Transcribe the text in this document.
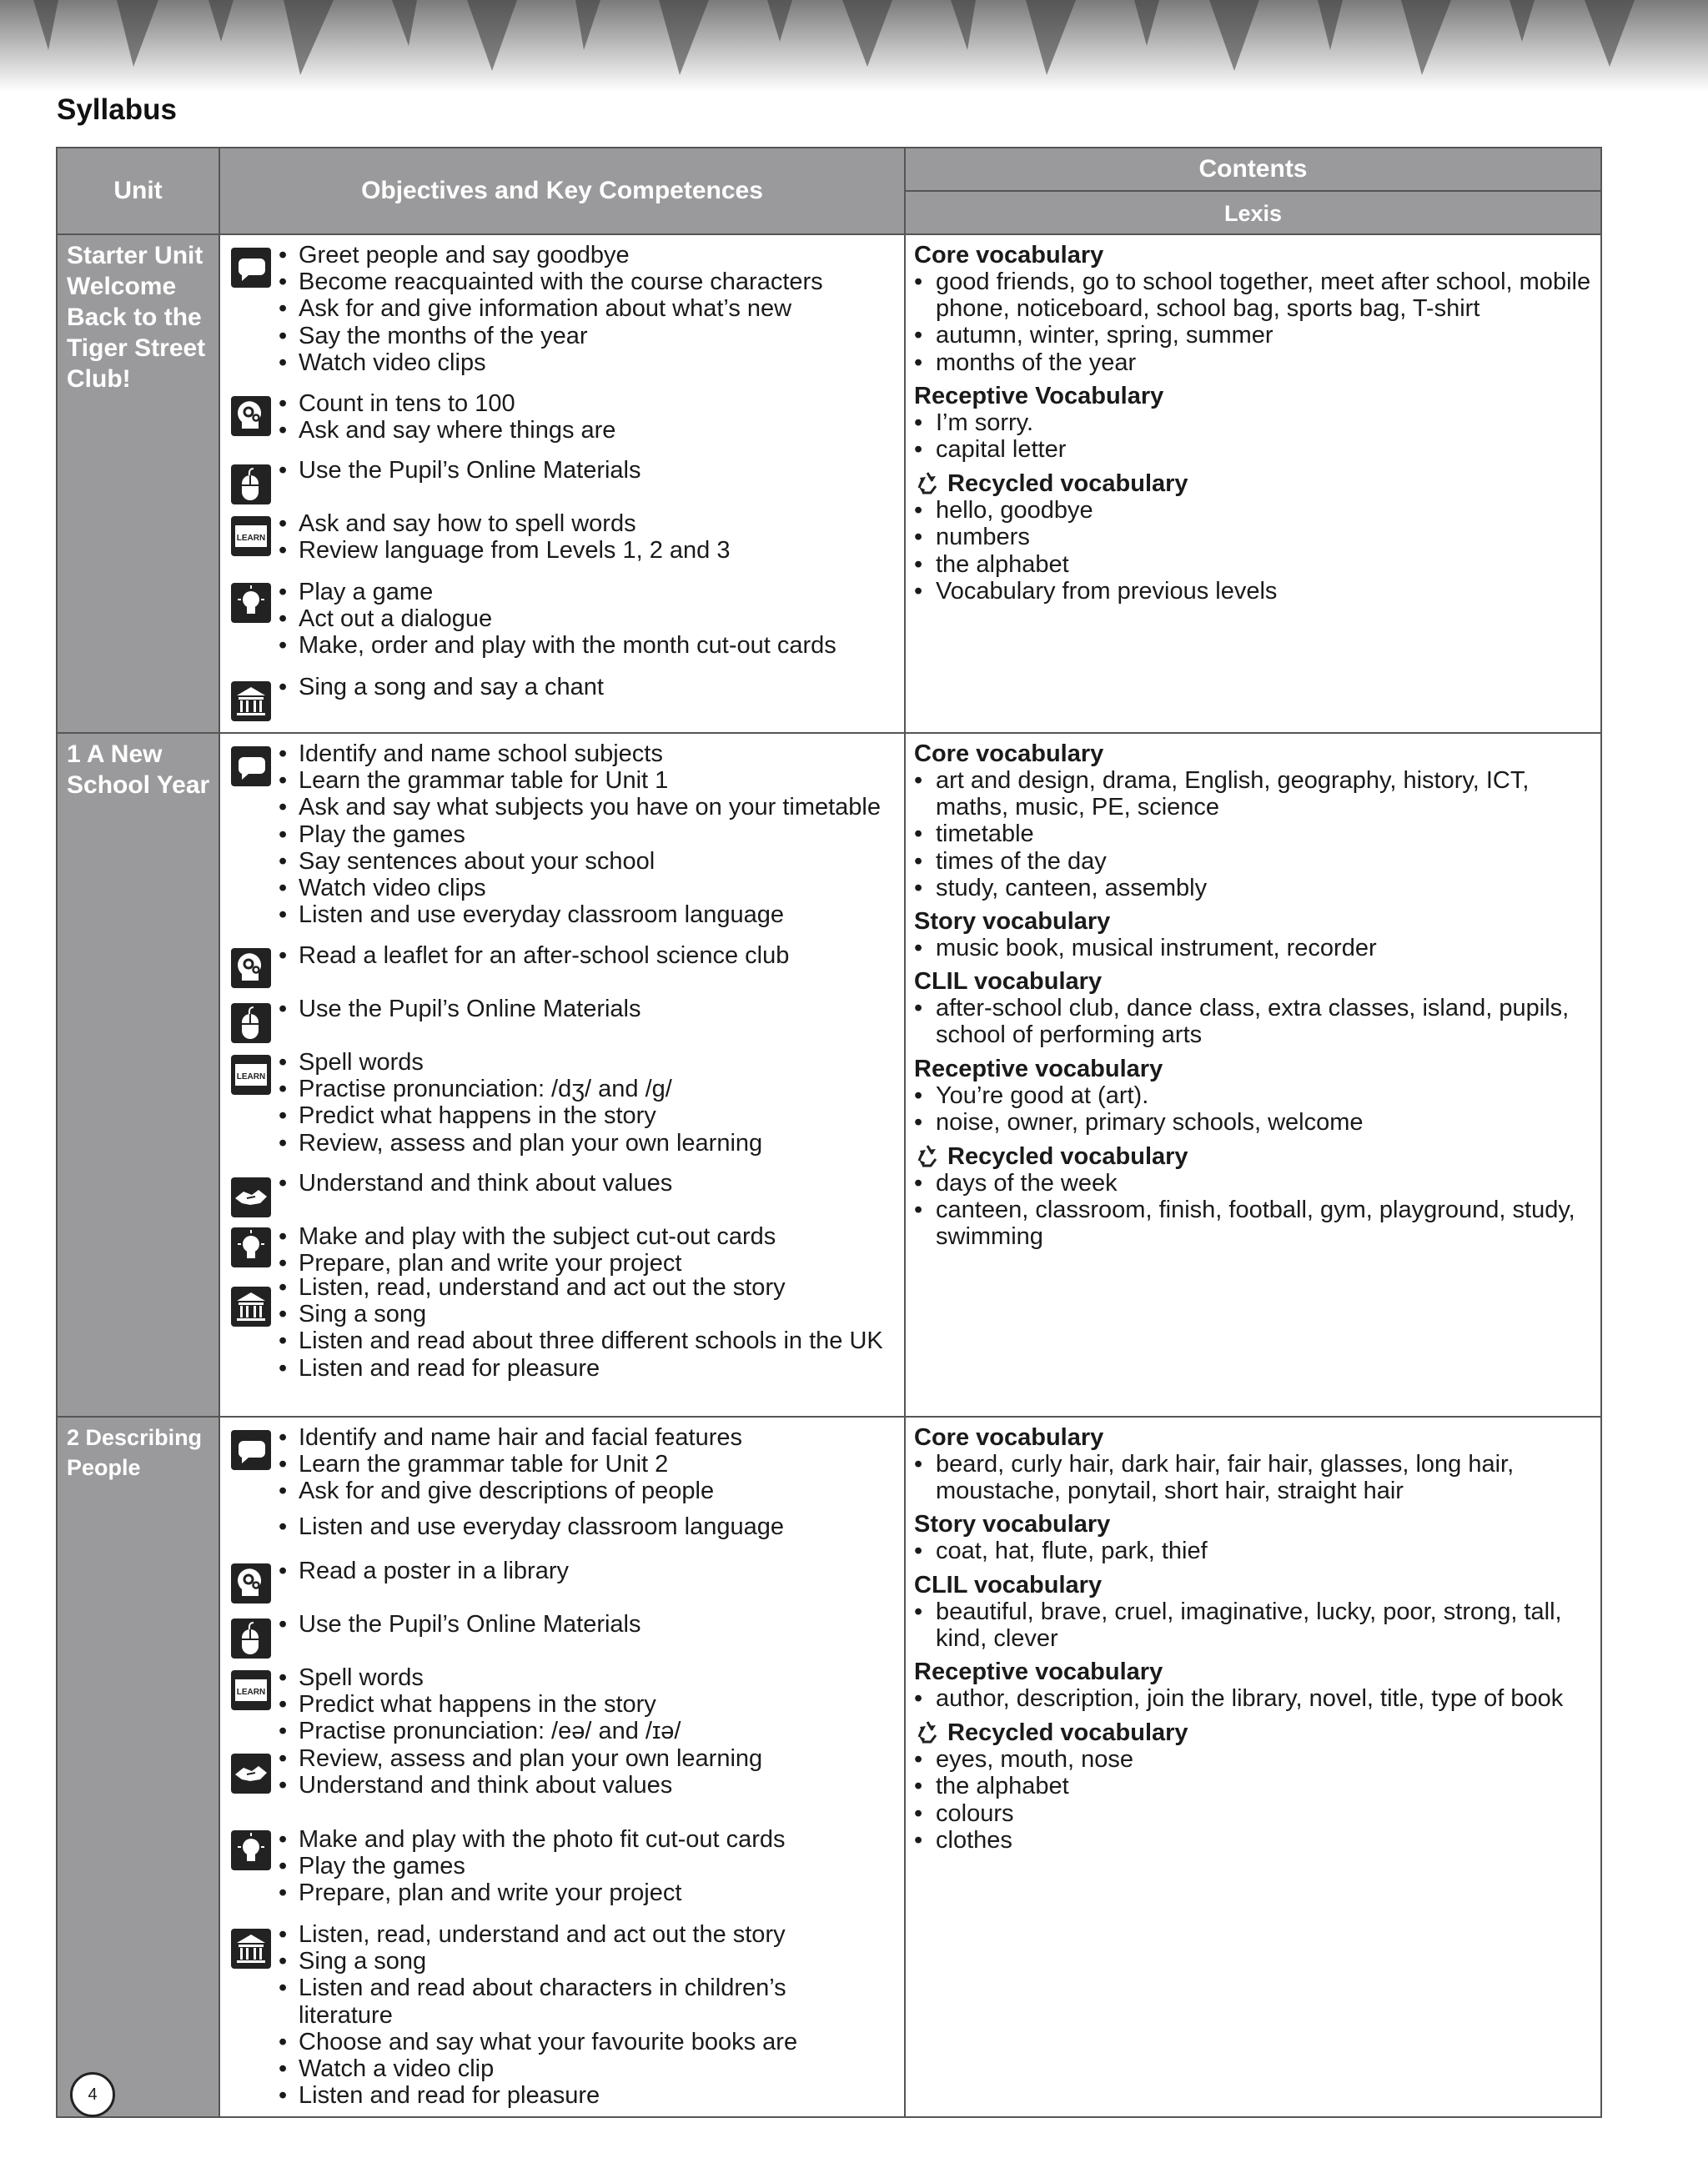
Syllabus
Unit	Objectives and Key Competences
Contents
Lexis
Starter Unit Welcome Back to the Tiger Street Club!
1 A New School Year
2 Describing People
• Greet people and say goodbye
• Become reacquainted with the course characters
• Ask for and give information about what’s new
• Say the months of the year
• Watch video clips
• Count in tens to 100
• Ask and say where things are
• Use the Pupil’s Online Materials
LEARN
• Ask and say how to spell words
• Review language from Levels 1, 2 and 3
• Play a game
• Act out a dialogue
• Make, order and play with the month cut-out cards
• Sing a song and say a chant
Core vocabulary
• good friends, go to school together, meet after school, mobile phone, noticeboard, school bag, sports bag, T-shirt
• autumn, winter, spring, summer
• months of the year
Receptive Vocabulary
• I’m sorry.
• capital letter
Recycled vocabulary
• hello, goodbye
• numbers
• the alphabet
• Vocabulary from previous levels
• Identify and name school subjects
• Learn the grammar table for Unit 1
• Ask and say what subjects you have on your timetable
• Play the games
• Say sentences about your school
• Watch video clips
• Listen and use everyday classroom language
• Read a leaflet for an after-school science club
• Use the Pupil’s Online Materials
LEARN
• Spell words
• Practise pronunciation: /dʒ/ and /g/
• Predict what happens in the story
• Review, assess and plan your own learning
• Understand and think about values
• Make and play with the subject cut-out cards
• Prepare, plan and write your project
• Listen, read, understand and act out the story
• Sing a song
• Listen and read about three different schools in the UK
• Listen and read for pleasure
Core vocabulary
• art and design, drama, English, geography, history, ICT, maths, music, PE, science
• timetable
• times of the day
• study, canteen, assembly
Story vocabulary
• music book, musical instrument, recorder
CLIL vocabulary
• after-school club, dance class, extra classes, island, pupils, school of performing arts
Receptive vocabulary
• You’re good at (art).
• noise, owner, primary schools, welcome
Recycled vocabulary
• days of the week
• canteen, classroom, finish, football, gym, playground, study, swimming
• Identify and name hair and facial features
• Learn the grammar table for Unit 2
• Ask for and give descriptions of people
• Listen and use everyday classroom language
• Read a poster in a library
• Use the Pupil’s Online Materials
LEARN
• Spell words
• Predict what happens in the story
• Practise pronunciation: /eə/ and /ɪə/
• Review, assess and plan your own learning
• Understand and think about values
• Make and play with the photo fit cut-out cards
• Play the games
• Prepare, plan and write your project
• Listen, read, understand and act out the story
• Sing a song
• Listen and read about characters in children’s literature
• Choose and say what your favourite books are
• Watch a video clip
• Listen and read for pleasure
Core vocabulary
• beard, curly hair, dark hair, fair hair, glasses, long hair, moustache, ponytail, short hair, straight hair
Story vocabulary
• coat, hat, flute, park, thief
CLIL vocabulary
• beautiful, brave, cruel, imaginative, lucky, poor, strong, tall, kind, clever
Receptive vocabulary
• author, description, join the library, novel, title, type of book
Recycled vocabulary
• eyes, mouth, nose
• the alphabet
• colours
• clothes
4
